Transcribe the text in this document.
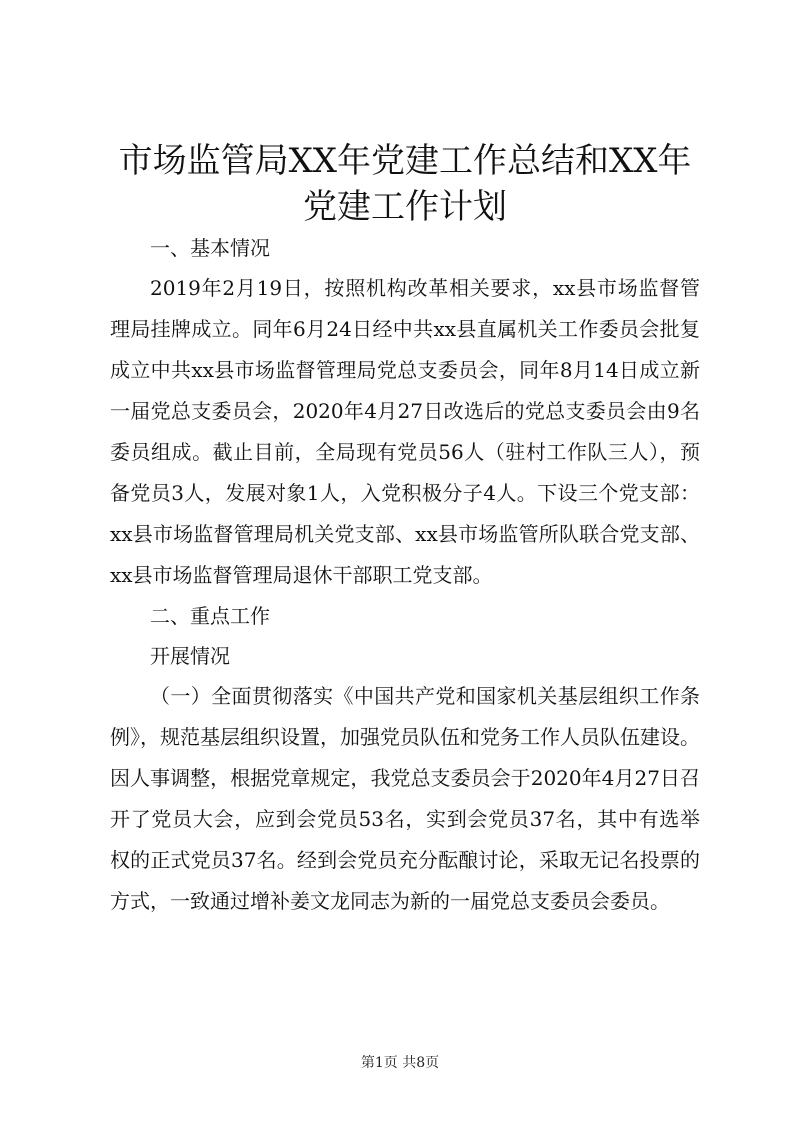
市场监管局XX年党建工作总结和XX年党建工作计划

一、基本情况

2019年2月19日，按照机构改革相关要求，xx县市场监督管理局挂牌成立。同年6月24日经中共xx县直属机关工作委员会批复成立中共xx县市场监督管理局党总支委员会，同年8月14日成立新一届党总支委员会，2020年4月27日改选后的党总支委员会由9名委员组成。截止目前，全局现有党员56人（驻村工作队三人），预备党员3人，发展对象1人，入党积极分子4人。下设三个党支部：xx县市场监督管理局机关党支部、xx县市场监管所队联合党支部、xx县市场监督管理局退休干部职工党支部。

二、重点工作

开展情况

（一）全面贯彻落实《中国共产党和国家机关基层组织工作条例》，规范基层组织设置，加强党员队伍和党务工作人员队伍建设。因人事调整，根据党章规定，我党总支委员会于2020年4月27日召开了党员大会，应到会党员53名，实到会党员37名，其中有选举权的正式党员37名。经到会党员充分酝酿讨论，采取无记名投票的方式，一致通过增补姜文龙同志为新的一届党总支委员会委员。

第1页 共8页
